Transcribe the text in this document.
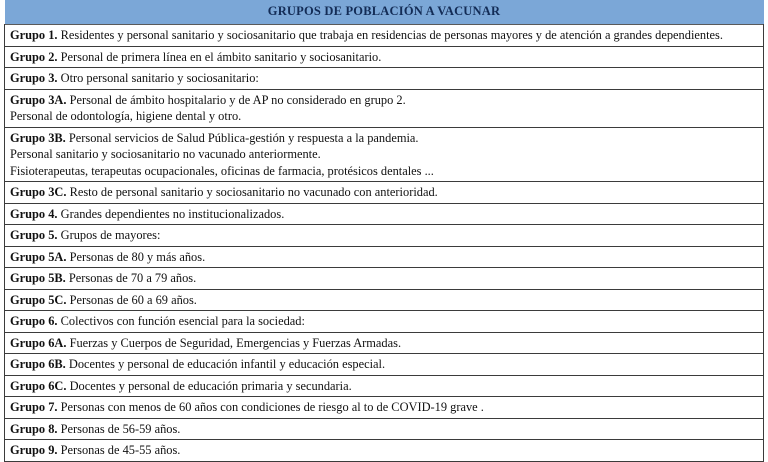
GRUPOS DE POBLACIÓN A VACUNAR

Grupo 1. Residentes y personal sanitario y sociosanitario que trabaja en residencias de personas mayores y de atención a grandes dependientes.

Grupo 2. Personal de primera línea en el ámbito sanitario y sociosanitario.

Grupo 3. Otro personal sanitario y sociosanitario:

Grupo 3A. Personal de ámbito hospitalario y de AP no considerado en grupo 2.
Personal de odontología, higiene dental y otro.

Grupo 3B. Personal servicios de Salud Pública-gestión y respuesta a la pandemia.
Personal sanitario y sociosanitario no vacunado anteriormente.
Fisioterapeutas, terapeutas ocupacionales, oficinas de farmacia, protésicos dentales ...

Grupo 3C. Resto de personal sanitario y sociosanitario no vacunado con anterioridad.

Grupo 4. Grandes dependientes no institucionalizados.

Grupo 5. Grupos de mayores:

Grupo 5A. Personas de 80 y más años.

Grupo 5B. Personas de 70 a 79 años.

Grupo 5C. Personas de 60 a 69 años.

Grupo 6. Colectivos con función esencial para la sociedad:

Grupo 6A. Fuerzas y Cuerpos de Seguridad, Emergencias y Fuerzas Armadas.

Grupo 6B. Docentes y personal de educación infantil y educación especial.

Grupo 6C. Docentes y personal de educación primaria y secundaria.

Grupo 7. Personas con menos de 60 años con condiciones de riesgo al to de COVID-19 grave .

Grupo 8. Personas de 56-59 años.

Grupo 9. Personas de 45-55 años.
